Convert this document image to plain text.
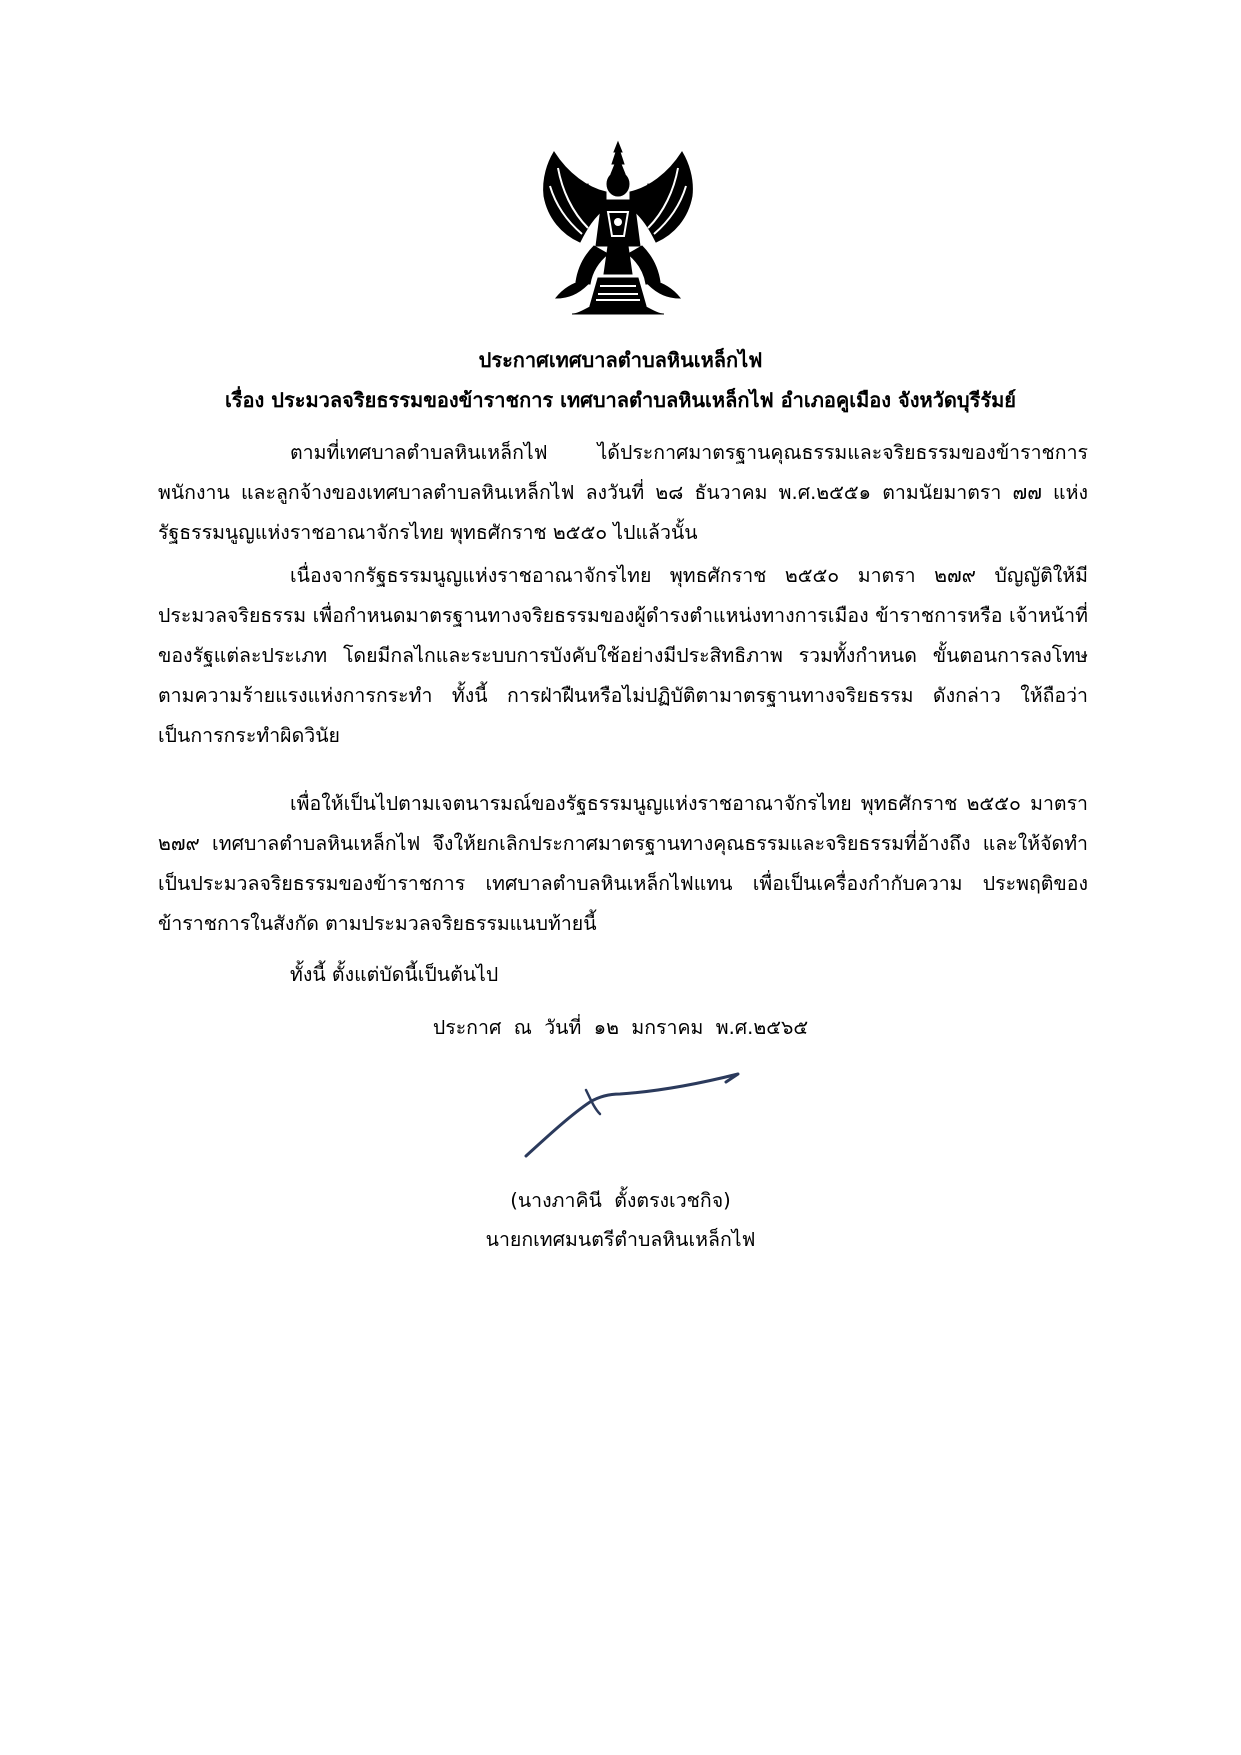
ประกาศเทศบาลตำบลหินเหล็กไฟ
เรื่อง ประมวลจริยธรรมของข้าราชการ เทศบาลตำบลหินเหล็กไฟ อำเภอคูเมือง จังหวัดบุรีรัมย์

ตามที่เทศบาลตำบลหินเหล็กไฟ ได้ประกาศมาตรฐานคุณธรรมและจริยธรรมของข้าราชการ พนักงาน และลูกจ้างของเทศบาลตำบลหินเหล็กไฟ ลงวันที่ ๒๘ ธันวาคม พ.ศ.๒๕๕๑ ตามนัยมาตรา ๗๗ แห่ง รัฐธรรมนูญแห่งราชอาณาจักรไทย พุทธศักราช ๒๕๕๐ ไปแล้วนั้น

เนื่องจากรัฐธรรมนูญแห่งราชอาณาจักรไทย พุทธศักราช ๒๕๕๐ มาตรา ๒๗๙ บัญญัติให้มี ประมวลจริยธรรม เพื่อกำหนดมาตรฐานทางจริยธรรมของผู้ดำรงตำแหน่งทางการเมือง ข้าราชการหรือ เจ้าหน้าที่ของรัฐแต่ละประเภท โดยมีกลไกและระบบการบังคับใช้อย่างมีประสิทธิภาพ รวมทั้งกำหนด ขั้นตอนการลงโทษตามความร้ายแรงแห่งการกระทำ ทั้งนี้ การฝ่าฝืนหรือไม่ปฏิบัติตามาตรฐานทางจริยธรรม ดังกล่าว ให้ถือว่าเป็นการกระทำผิดวินัย

เพื่อให้เป็นไปตามเจตนารมณ์ของรัฐธรรมนูญแห่งราชอาณาจักรไทย พุทธศักราช ๒๕๕๐ มาตรา ๒๗๙ เทศบาลตำบลหินเหล็กไฟ จึงให้ยกเลิกประกาศมาตรฐานทางคุณธรรมและจริยธรรมที่อ้างถึง และให้จัดทำเป็นประมวลจริยธรรมของข้าราชการ เทศบาลตำบลหินเหล็กไฟแทน เพื่อเป็นเครื่องกำกับความ ประพฤติของข้าราชการในสังกัด ตามประมวลจริยธรรมแนบท้ายนี้

ทั้งนี้ ตั้งแต่บัดนี้เป็นต้นไป
ประกาศ  ณ  วันที่  ๑๒  มกราคม  พ.ศ.๒๕๖๕
(นางภาคินี  ตั้งตรงเวชกิจ)
นายกเทศมนตรีตำบลหินเหล็กไฟ
